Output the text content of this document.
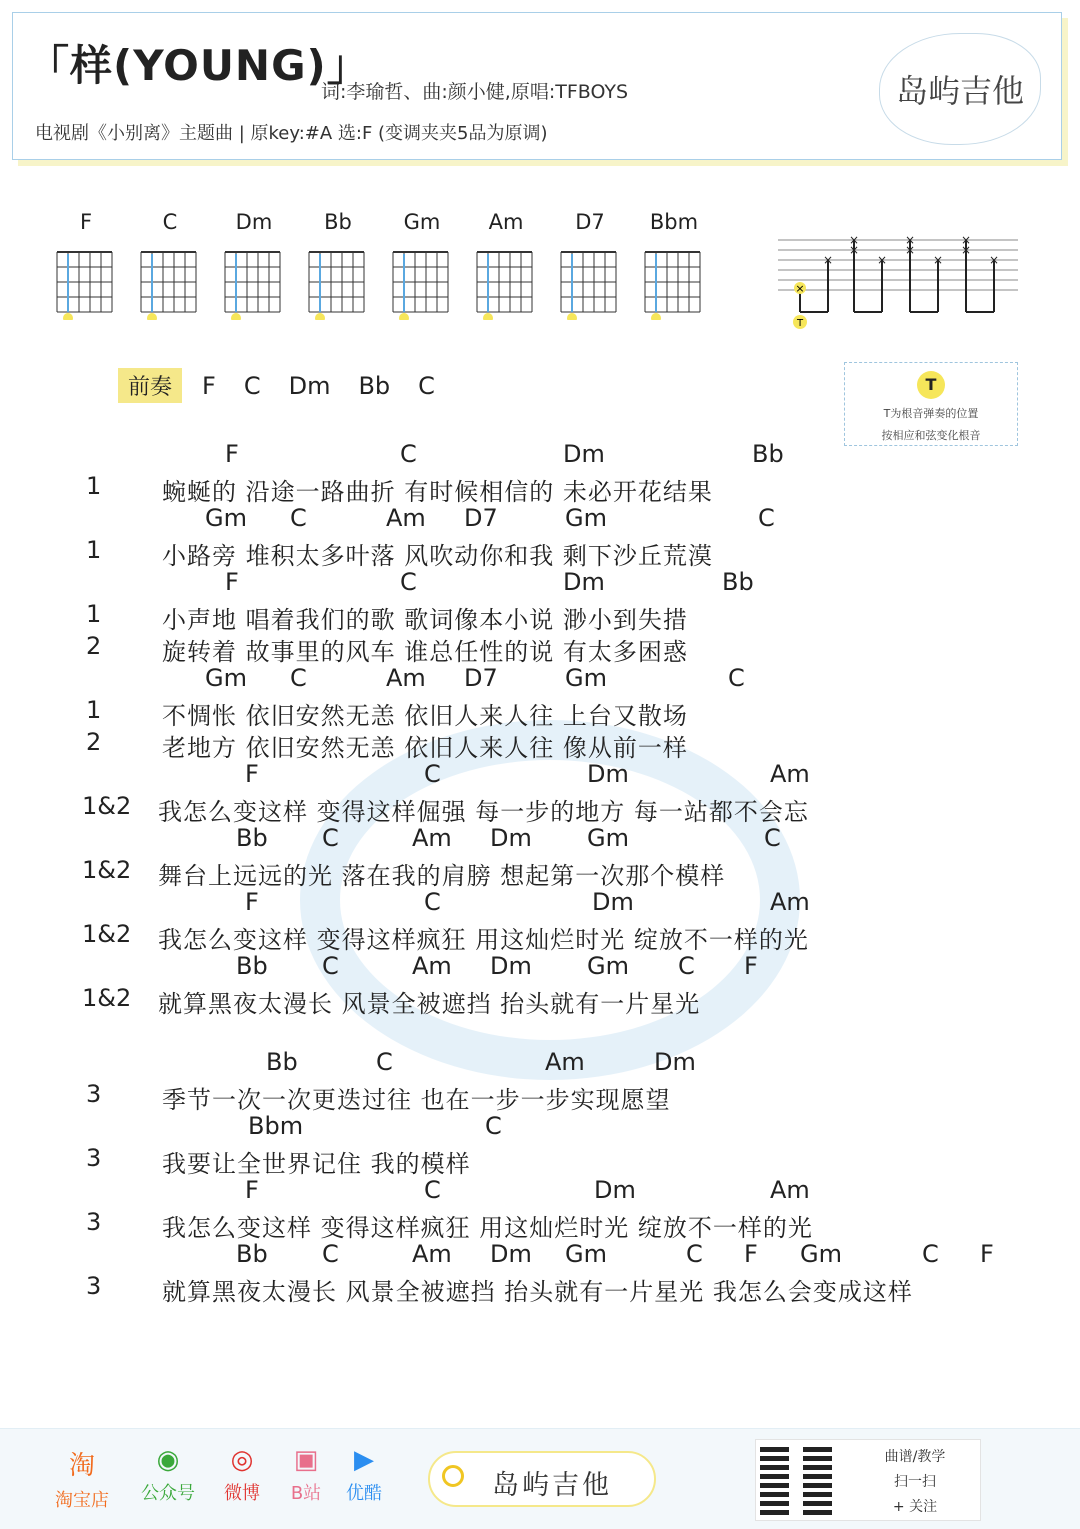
「样(YOUNG)」
词:李瑜哲、曲:颜小健,原唱:TFBOYS
电视剧《小别离》主题曲 | 原key:#A 选:F (变调夹夹5品为原调)
岛屿吉他
F	C	Dm	Bb	Gm	Am	D7	Bbm
×
×
×
×
×
×
×
×
×
×
T
×
T
T为根音弹奏的位置
按相应和弦变化根音
前奏 F C Dm Bb C
F	C	Dm	Bb
1	蜿蜒的 沿途一路曲折 有时候相信的 未必开花结果
Gm C	Am D7	Gm	C
1	小路旁 堆积太多叶落 风吹动你和我 剩下沙丘荒漠
F	C	Dm	Bb
1	小声地 唱着我们的歌 歌词像本小说 渺小到失措
2	旋转着 故事里的风车 谁总任性的说 有太多困惑
Gm C	Am D7	Gm	C
1	不惆怅 依旧安然无恙 依旧人来人往 上台又散场
2	老地方 依旧安然无恙 依旧人来人往 像从前一样
F	C	Dm	Am
1&2 我怎么变这样 变得这样倔强 每一步的地方 每一站都不会忘
Bb C	Am Dm Gm	C
1&2 舞台上远远的光 落在我的肩膀 想起第一次那个模样
F	C	Dm	Am
1&2 我怎么变这样 变得这样疯狂 用这灿烂时光 绽放不一样的光
Bb C	Am Dm Gm C F
1&2 就算黑夜太漫长 风景全被遮挡 抬头就有一片星光
Bb	C	Am	Dm
3	季节一次一次更迭过往 也在一步一步实现愿望
Bbm	C
3	我要让全世界记住 我的模样
F	C	Dm	Am
3	我怎么变这样 变得这样疯狂 用这灿烂时光 绽放不一样的光
Bb C	Am Dm Gm	C F Gm	C F
3	就算黑夜太漫长 风景全被遮挡 抬头就有一片星光 我怎么会变成这样
淘
淘宝店
◉
公众号
◎
微博
▣
B站
▶
优酷	岛屿吉他
曲谱/教学
扫一扫
+ 关注
